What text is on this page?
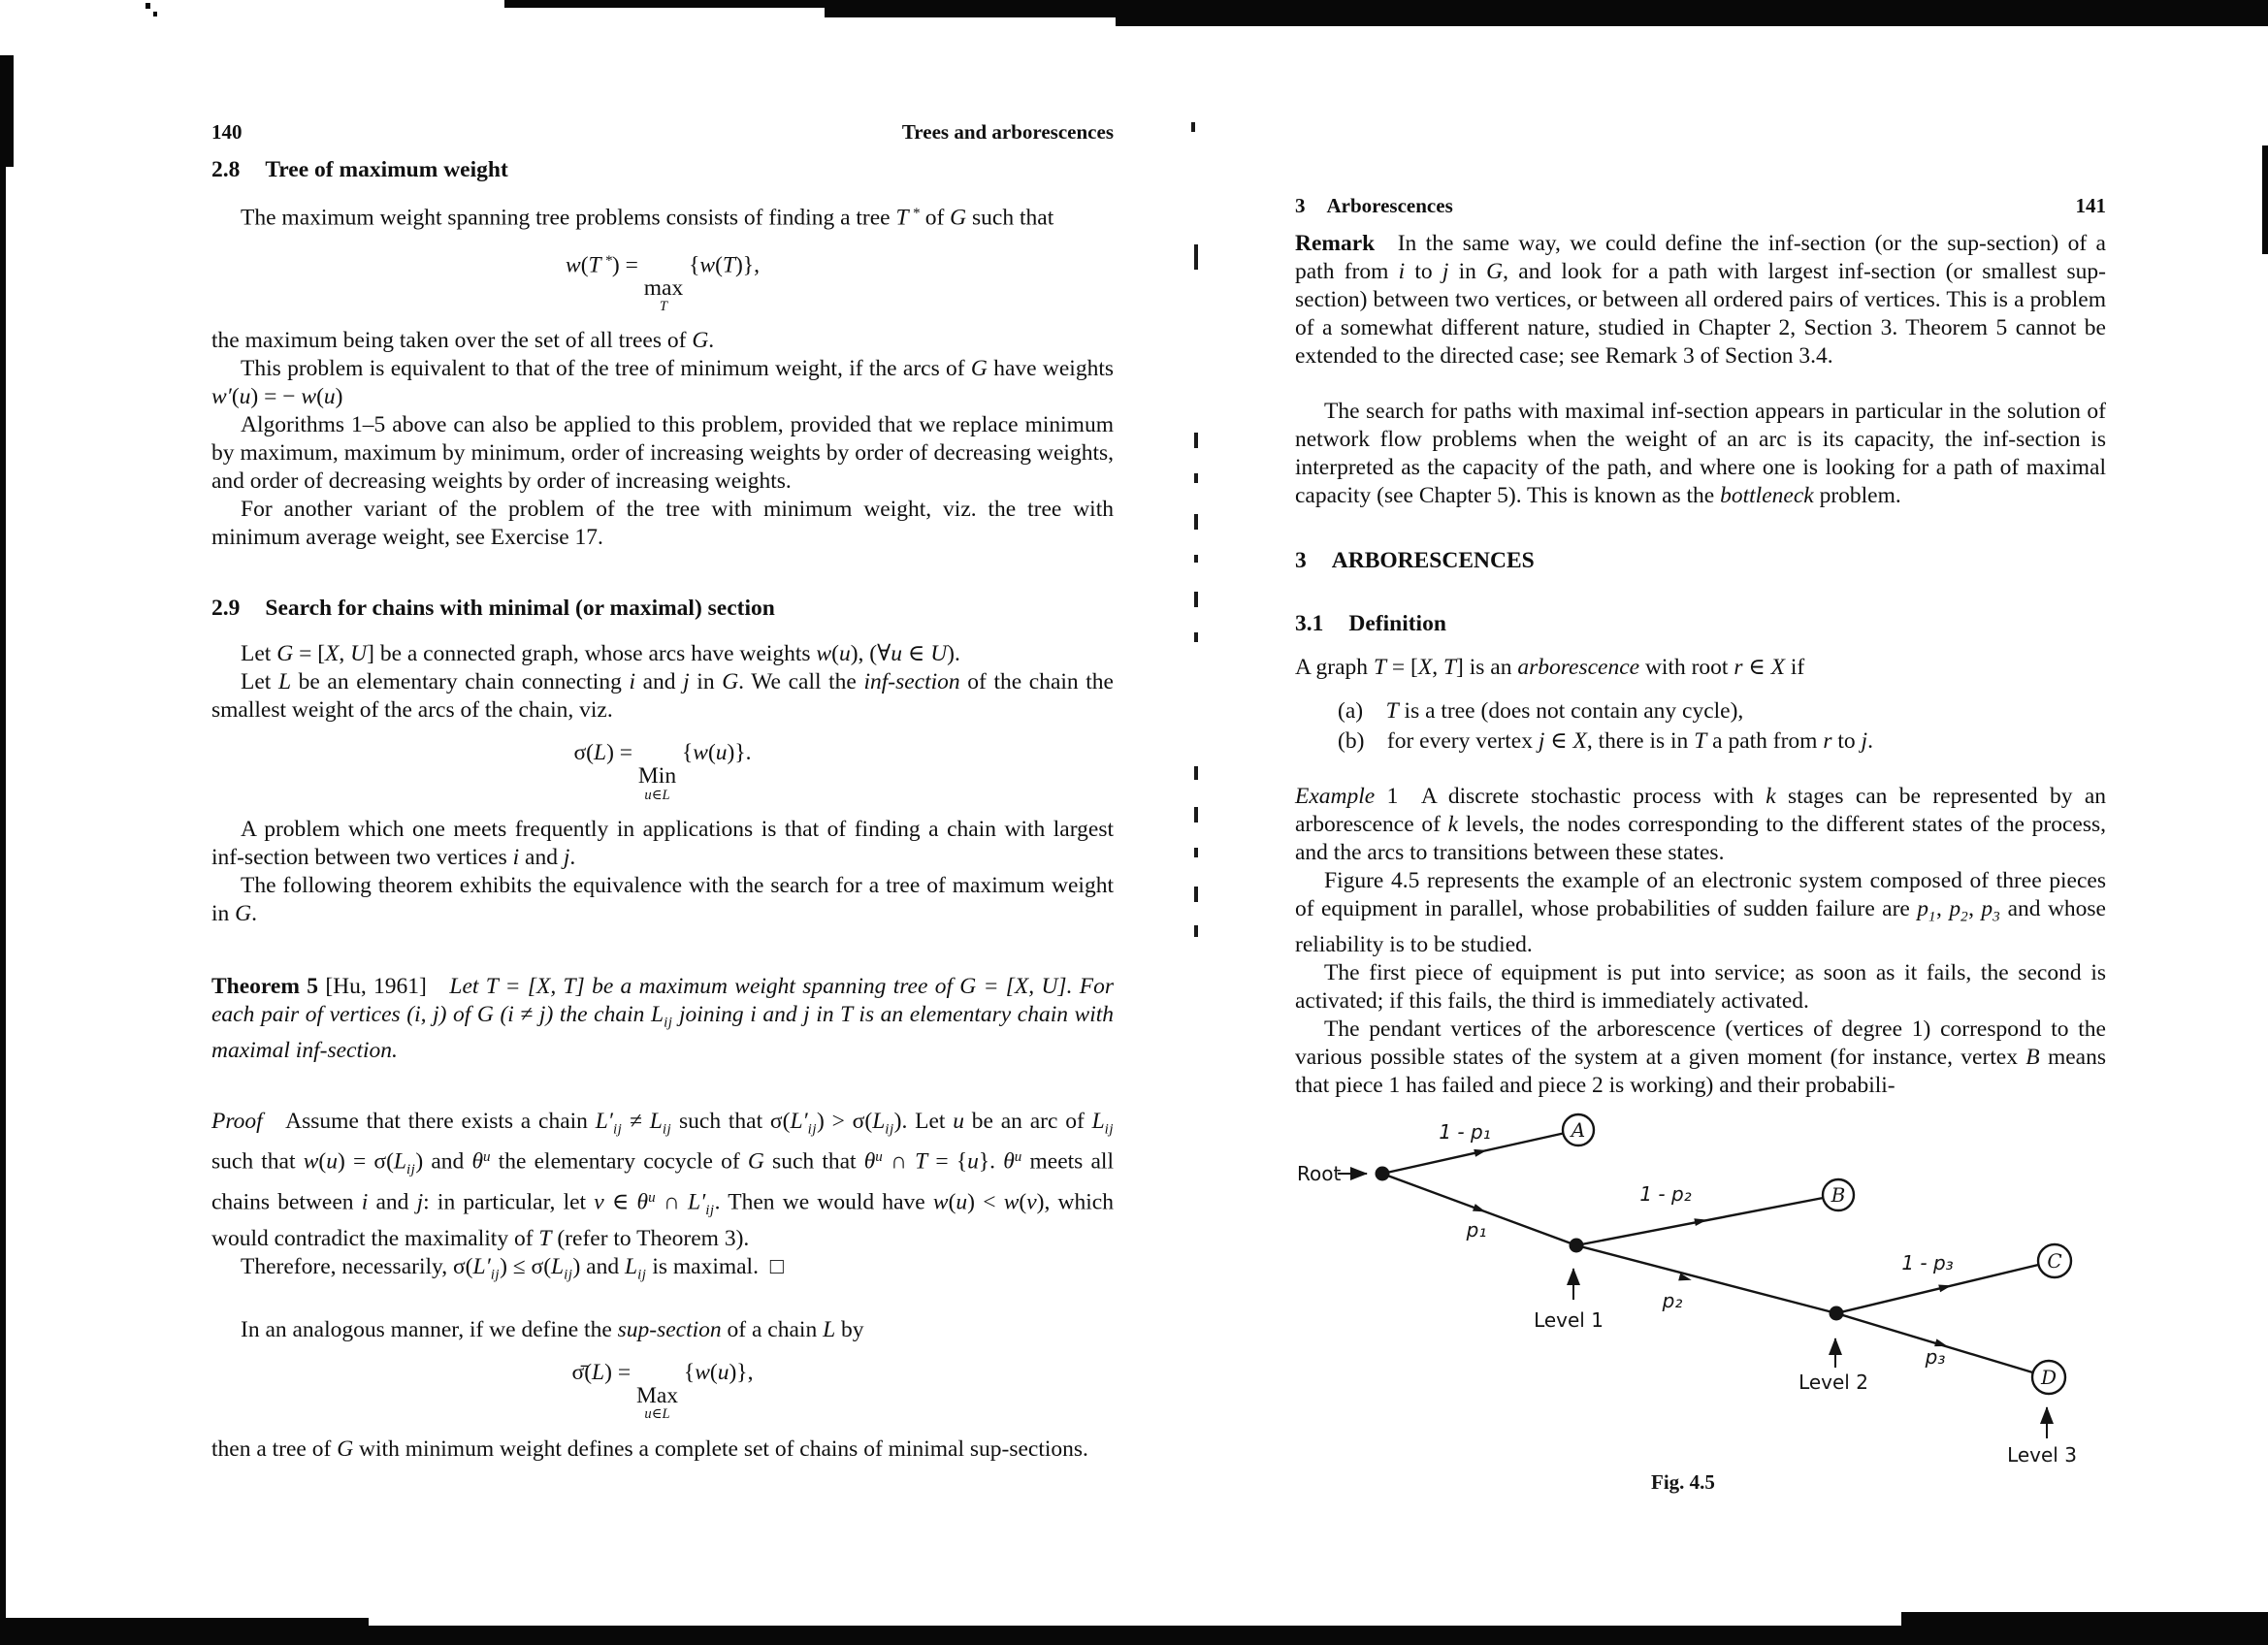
140	Trees and arborescences
2.8 Tree of maximum weight

The maximum weight spanning tree problems consists of finding a tree T * of G such that

w(T *) =
max
T
{w(T)},

the maximum being taken over the set of all trees of G.

This problem is equivalent to that of the tree of minimum weight, if the arcs of G have weights w′(u) = − w(u)

Algorithms 1–5 above can also be applied to this problem, provided that we replace minimum by maximum, maximum by minimum, order of increasing weights by order of decreasing weights, and order of decreasing weights by order of increasing weights.

For another variant of the problem of the tree with minimum weight, viz. the tree with minimum average weight, see Exercise 17.

2.9 Search for chains with minimal (or maximal) section

Let G = [X, U] be a connected graph, whose arcs have weights w(u), (∀u ∈ U).

Let L be an elementary chain connecting i and j in G. We call the inf-section of the chain the smallest weight of the arcs of the chain, viz.

σ(L) =
Min
u∈L
{w(u)}.

A problem which one meets frequently in applications is that of finding a chain with largest inf-section between two vertices i and j.

The following theorem exhibits the equivalence with the search for a tree of maximum weight in G.

Theorem 5 [Hu, 1961] Let T = [X, T] be a maximum weight spanning tree of G = [X, U]. For each pair of vertices (i, j) of G (i ≠ j) the chain $L_{ij}$ joining i and j in T is an elementary chain with maximal inf-section.

Proof Assume that there exists a chain $L'_{ij} \ne L_{ij}$ such that $\sigma(L'_{ij}) > \sigma(L_{ij})$. Let u be an arc of $L_{ij}$ such that $w(u) = \sigma(L_{ij})$ and $\theta^u$ the elementary cocycle of G such that $\theta^u$ ∩ T = {u}. $\theta^u$ meets all chains between i and j: in particular, let v ∈ $\theta^u$ ∩ $L'_{ij}$. Then we would have w(u) < w(v), which would contradict the maximality of T (refer to Theorem 3).

Therefore, necessarily, $\sigma(L'_{ij}) \le \sigma(L_{ij})$ and $L_{ij}$ is maximal. □

In an analogous manner, if we define the sup-section of a chain L by

σ̄(L) =
Max
u∈L
{w(u)},

then a tree of G with minimum weight defines a complete set of chains of minimal sup-sections.

3 Arborescences	141

Remark In the same way, we could define the inf-section (or the sup-section) of a path from i to j in G, and look for a path with largest inf-section (or smallest sup-section) between two vertices, or between all ordered pairs of vertices. This is a problem of a somewhat different nature, studied in Chapter 2, Section 3. Theorem 5 cannot be extended to the directed case; see Remark 3 of Section 3.4.

The search for paths with maximal inf-section appears in particular in the solution of network flow problems when the weight of an arc is its capacity, the inf-section is interpreted as the capacity of the path, and where one is looking for a path of maximal capacity (see Chapter 5). This is known as the bottleneck problem.

3 ARBORESCENCES
3.1 Definition

A graph T = [X, T] is an arborescence with root r ∈ X if

(a) T is a tree (does not contain any cycle),

(b) for every vertex j ∈ X, there is in T a path from r to j.

Example 1 A discrete stochastic process with k stages can be represented by an arborescence of k levels, the nodes corresponding to the different states of the process, and the arcs to transitions between these states.

Figure 4.5 represents the example of an electronic system composed of three pieces of equipment in parallel, whose probabilities of sudden failure are $p_1$, $p_2$, $p_3$ and whose reliability is to be studied.

The first piece of equipment is put into service; as soon as it fails, the second is activated; if this fails, the third is immediately activated.

The pendant vertices of the arborescence (vertices of degree 1) correspond to the various possible states of the system at a given moment (for instance, vertex B means that piece 1 has failed and piece 2 is working) and their probabili-

A
B
C
D
1 - p₁
p₁
1 - p₂
p₂
1 - p₃
p₃
Root
Level 1
Level 2
Level 3
Fig. 4.5
